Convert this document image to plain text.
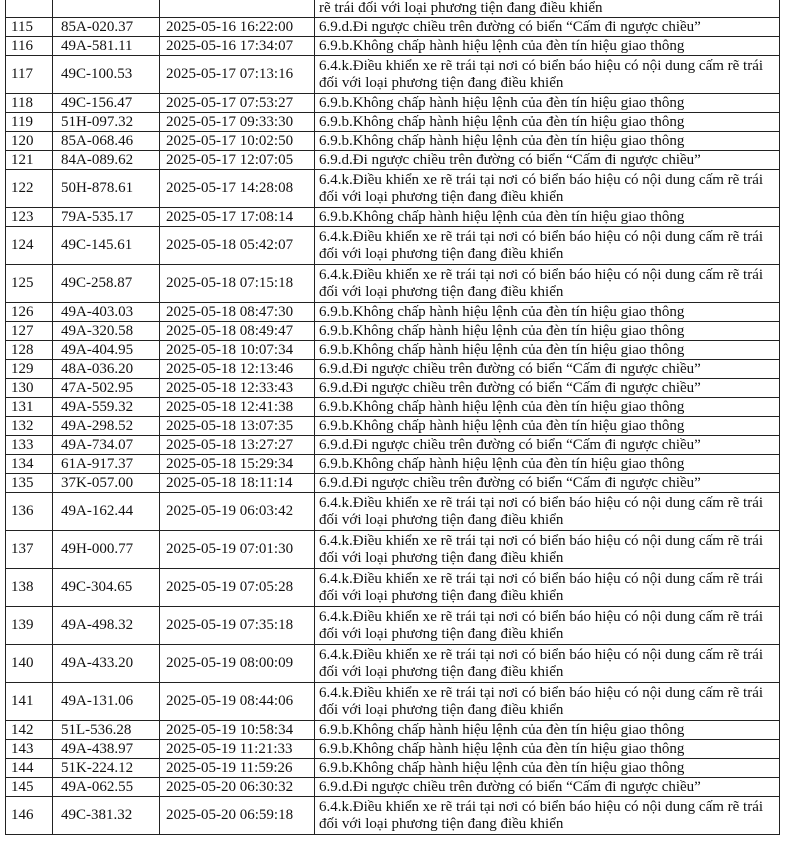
			rẽ trái đối với loại phương tiện đang điều khiển
115	85A-020.37	2025-05-16 16:22:00	6.9.d.Đi ngược chiều trên đường có biển “Cấm đi ngược chiều”
116	49A-581.11	2025-05-16 17:34:07	6.9.b.Không chấp hành hiệu lệnh của đèn tín hiệu giao thông
117	49C-100.53	2025-05-17 07:13:16	6.4.k.Điều khiển xe rẽ trái tại nơi có biển báo hiệu có nội dung cấm rẽ trái đối với loại phương tiện đang điều khiển
118	49C-156.47	2025-05-17 07:53:27	6.9.b.Không chấp hành hiệu lệnh của đèn tín hiệu giao thông
119	51H-097.32	2025-05-17 09:33:30	6.9.b.Không chấp hành hiệu lệnh của đèn tín hiệu giao thông
120	85A-068.46	2025-05-17 10:02:50	6.9.b.Không chấp hành hiệu lệnh của đèn tín hiệu giao thông
121	84A-089.62	2025-05-17 12:07:05	6.9.d.Đi ngược chiều trên đường có biển “Cấm đi ngược chiều”
122	50H-878.61	2025-05-17 14:28:08	6.4.k.Điều khiển xe rẽ trái tại nơi có biển báo hiệu có nội dung cấm rẽ trái đối với loại phương tiện đang điều khiển
123	79A-535.17	2025-05-17 17:08:14	6.9.b.Không chấp hành hiệu lệnh của đèn tín hiệu giao thông
124	49C-145.61	2025-05-18 05:42:07	6.4.k.Điều khiển xe rẽ trái tại nơi có biển báo hiệu có nội dung cấm rẽ trái đối với loại phương tiện đang điều khiển
125	49C-258.87	2025-05-18 07:15:18	6.4.k.Điều khiển xe rẽ trái tại nơi có biển báo hiệu có nội dung cấm rẽ trái đối với loại phương tiện đang điều khiển
126	49A-403.03	2025-05-18 08:47:30	6.9.b.Không chấp hành hiệu lệnh của đèn tín hiệu giao thông
127	49A-320.58	2025-05-18 08:49:47	6.9.b.Không chấp hành hiệu lệnh của đèn tín hiệu giao thông
128	49A-404.95	2025-05-18 10:07:34	6.9.b.Không chấp hành hiệu lệnh của đèn tín hiệu giao thông
129	48A-036.20	2025-05-18 12:13:46	6.9.d.Đi ngược chiều trên đường có biển “Cấm đi ngược chiều”
130	47A-502.95	2025-05-18 12:33:43	6.9.d.Đi ngược chiều trên đường có biển “Cấm đi ngược chiều”
131	49A-559.32	2025-05-18 12:41:38	6.9.b.Không chấp hành hiệu lệnh của đèn tín hiệu giao thông
132	49A-298.52	2025-05-18 13:07:35	6.9.b.Không chấp hành hiệu lệnh của đèn tín hiệu giao thông
133	49A-734.07	2025-05-18 13:27:27	6.9.d.Đi ngược chiều trên đường có biển “Cấm đi ngược chiều”
134	61A-917.37	2025-05-18 15:29:34	6.9.b.Không chấp hành hiệu lệnh của đèn tín hiệu giao thông
135	37K-057.00	2025-05-18 18:11:14	6.9.d.Đi ngược chiều trên đường có biển “Cấm đi ngược chiều”
136	49A-162.44	2025-05-19 06:03:42	6.4.k.Điều khiển xe rẽ trái tại nơi có biển báo hiệu có nội dung cấm rẽ trái đối với loại phương tiện đang điều khiển
137	49H-000.77	2025-05-19 07:01:30	6.4.k.Điều khiển xe rẽ trái tại nơi có biển báo hiệu có nội dung cấm rẽ trái đối với loại phương tiện đang điều khiển
138	49C-304.65	2025-05-19 07:05:28	6.4.k.Điều khiển xe rẽ trái tại nơi có biển báo hiệu có nội dung cấm rẽ trái đối với loại phương tiện đang điều khiển
139	49A-498.32	2025-05-19 07:35:18	6.4.k.Điều khiển xe rẽ trái tại nơi có biển báo hiệu có nội dung cấm rẽ trái đối với loại phương tiện đang điều khiển
140	49A-433.20	2025-05-19 08:00:09	6.4.k.Điều khiển xe rẽ trái tại nơi có biển báo hiệu có nội dung cấm rẽ trái đối với loại phương tiện đang điều khiển
141	49A-131.06	2025-05-19 08:44:06	6.4.k.Điều khiển xe rẽ trái tại nơi có biển báo hiệu có nội dung cấm rẽ trái đối với loại phương tiện đang điều khiển
142	51L-536.28	2025-05-19 10:58:34	6.9.b.Không chấp hành hiệu lệnh của đèn tín hiệu giao thông
143	49A-438.97	2025-05-19 11:21:33	6.9.b.Không chấp hành hiệu lệnh của đèn tín hiệu giao thông
144	51K-224.12	2025-05-19 11:59:26	6.9.b.Không chấp hành hiệu lệnh của đèn tín hiệu giao thông
145	49A-062.55	2025-05-20 06:30:32	6.9.d.Đi ngược chiều trên đường có biển “Cấm đi ngược chiều”
146	49C-381.32	2025-05-20 06:59:18	6.4.k.Điều khiển xe rẽ trái tại nơi có biển báo hiệu có nội dung cấm rẽ trái đối với loại phương tiện đang điều khiển
